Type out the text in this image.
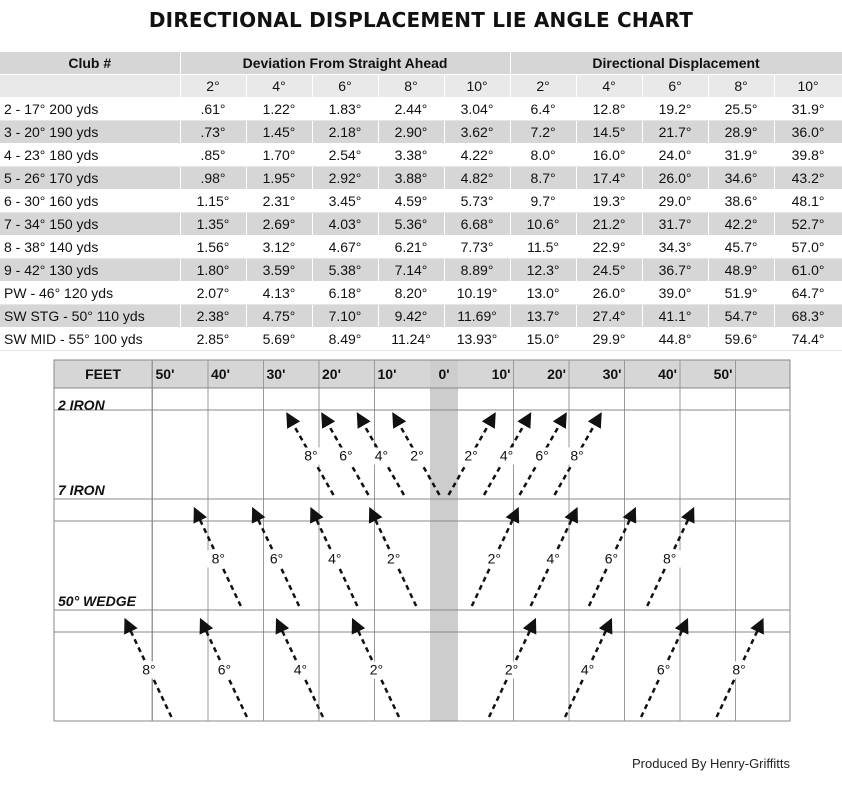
DIRECTIONAL DISPLACEMENT LIE ANGLE CHART
Club #	Deviation From Straight Ahead					Directional Displacement				
	2°	4°	6°	8°	10°	2°	4°	6°	8°	10°
2 - 17° 200 yds	.61°	1.22°	1.83°	2.44°	3.04°	6.4°	12.8°	19.2°	25.5°	31.9°
3 - 20° 190 yds	.73°	1.45°	2.18°	2.90°	3.62°	7.2°	14.5°	21.7°	28.9°	36.0°
4 - 23° 180 yds	.85°	1.70°	2.54°	3.38°	4.22°	8.0°	16.0°	24.0°	31.9°	39.8°
5 - 26° 170 yds	.98°	1.95°	2.92°	3.88°	4.82°	8.7°	17.4°	26.0°	34.6°	43.2°
6 - 30° 160 yds	1.15°	2.31°	3.45°	4.59°	5.73°	9.7°	19.3°	29.0°	38.6°	48.1°
7 - 34° 150 yds	1.35°	2.69°	4.03°	5.36°	6.68°	10.6°	21.2°	31.7°	42.2°	52.7°
8 - 38° 140 yds	1.56°	3.12°	4.67°	6.21°	7.73°	11.5°	22.9°	34.3°	45.7°	57.0°
9 - 42° 130 yds	1.80°	3.59°	5.38°	7.14°	8.89°	12.3°	24.5°	36.7°	48.9°	61.0°
PW - 46° 120 yds	2.07°	4.13°	6.18°	8.20°	10.19°	13.0°	26.0°	39.0°	51.9°	64.7°
SW STG - 50° 110 yds	2.38°	4.75°	7.10°	9.42°	11.69°	13.7°	27.4°	41.1°	54.7°	68.3°
SW MID - 55° 100 yds	2.85°	5.69°	8.49°	11.24°	13.93°	15.0°	29.9°	44.8°	59.6°	74.4°
FEET 50'	40'	30'	20'	10'	0'	10'	20'	30'	40'	50'
2 IRON
8° 6° 4° 2°	2° 4° 6° 8°
7 IRON
8°	6°	4°	2°	2°	4°	6°	8°
50° WEDGE
8°	6°	4°	2°	2°	4°	6°	8°
Produced By Henry-Griffitts
